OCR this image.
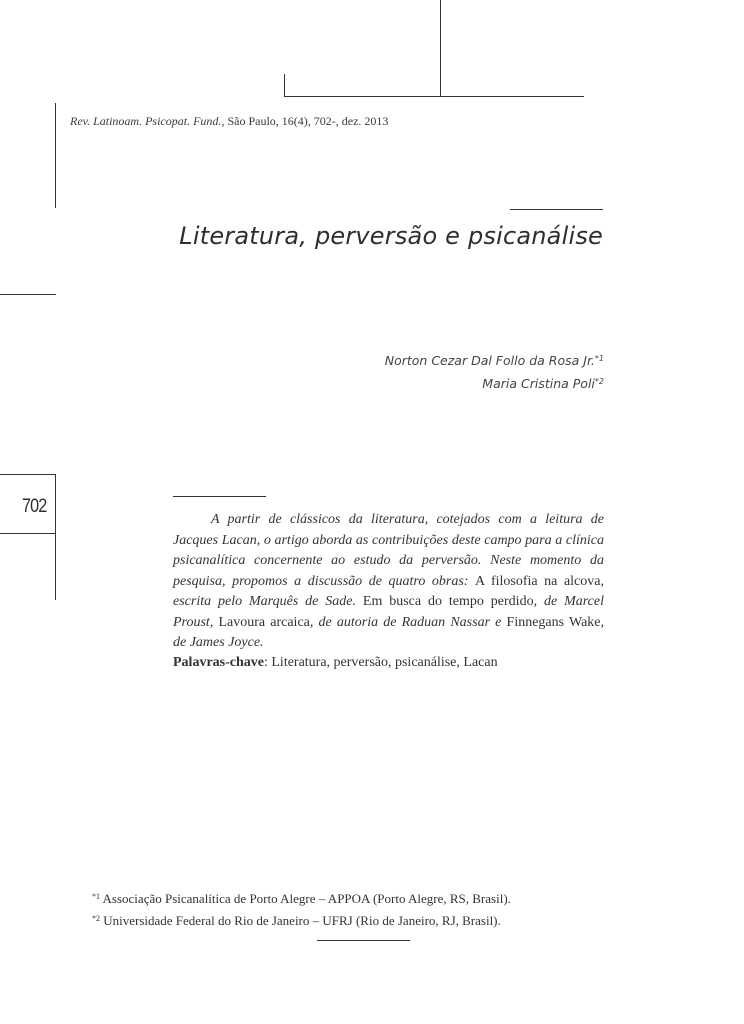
Rev. Latinoam. Psicopat. Fund., São Paulo, 16(4), 702-, dez. 2013
Literatura, perversão e psicanálise
Norton Cezar Dal Follo da Rosa Jr.$^{*1}$
Maria Cristina Poli$^{*2}$
702

A partir de clássicos da literatura, cotejados com a leitura de Jacques Lacan, o artigo aborda as contribuições deste campo para a clínica psicanalítica concernente ao estudo da perversão. Neste momento da pesquisa, propomos a discussão de quatro obras: A filosofia na alcova, escrita pelo Marquês de Sade. Em busca do tempo perdido, de Marcel Proust, Lavoura arcaica, de autoria de Raduan Nassar e Finnegans Wake, de James Joyce.

Palavras-chave: Literatura, perversão, psicanálise, Lacan
$^{*1}$ Associação Psicanalítica de Porto Alegre – APPOA (Porto Alegre, RS, Brasil).
$^{*2}$ Universidade Federal do Rio de Janeiro – UFRJ (Rio de Janeiro, RJ, Brasil).
